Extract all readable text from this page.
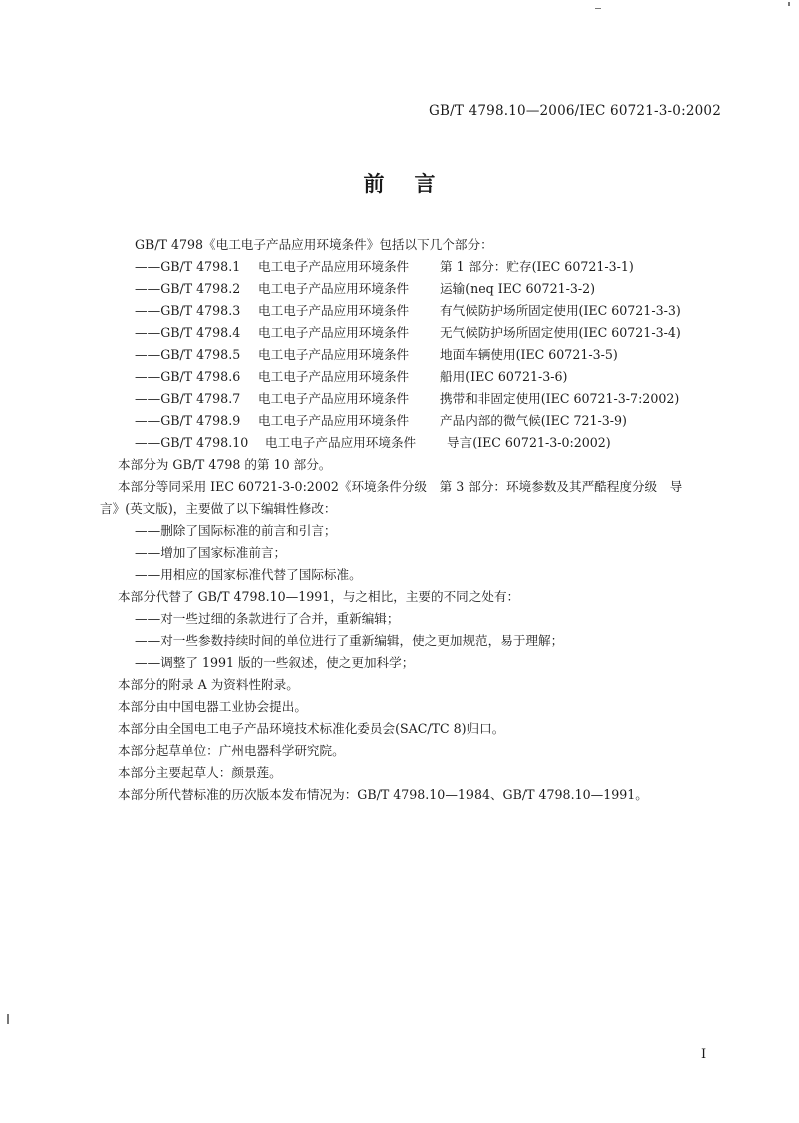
GB/T 4798.10—2006/IEC 60721-3-0:2002
前言
GB/T 4798《电工电子产品应用环境条件》包括以下几个部分：
——GB/T 4798.1 电工电子产品应用环境条件 第 1 部分：贮存(IEC 60721-3-1)
——GB/T 4798.2 电工电子产品应用环境条件 运输(neq IEC 60721-3-2)
——GB/T 4798.3 电工电子产品应用环境条件 有气候防护场所固定使用(IEC 60721-3-3)
——GB/T 4798.4 电工电子产品应用环境条件 无气候防护场所固定使用(IEC 60721-3-4)
——GB/T 4798.5 电工电子产品应用环境条件 地面车辆使用(IEC 60721-3-5)
——GB/T 4798.6 电工电子产品应用环境条件 船用(IEC 60721-3-6)
——GB/T 4798.7 电工电子产品应用环境条件 携带和非固定使用(IEC 60721-3-7:2002)
——GB/T 4798.9 电工电子产品应用环境条件 产品内部的微气候(IEC 721-3-9)
——GB/T 4798.10 电工电子产品应用环境条件 导言(IEC 60721-3-0:2002)
本部分为 GB/T 4798 的第 10 部分。
本部分等同采用 IEC 60721-3-0:2002《环境条件分级　第 3 部分：环境参数及其严酷程度分级　导
言》(英文版)，主要做了以下编辑性修改：
——删除了国际标准的前言和引言；
——增加了国家标准前言；
——用相应的国家标准代替了国际标准。
本部分代替了 GB/T 4798.10—1991，与之相比，主要的不同之处有：
——对一些过细的条款进行了合并，重新编辑；
——对一些参数持续时间的单位进行了重新编辑，使之更加规范，易于理解；
——调整了 1991 版的一些叙述，使之更加科学；
本部分的附录 A 为资料性附录。
本部分由中国电器工业协会提出。
本部分由全国电工电子产品环境技术标准化委员会(SAC/TC 8)归口。
本部分起草单位：广州电器科学研究院。
本部分主要起草人：颜景莲。
本部分所代替标准的历次版本发布情况为：GB/T 4798.10—1984、GB/T 4798.10—1991。
I
